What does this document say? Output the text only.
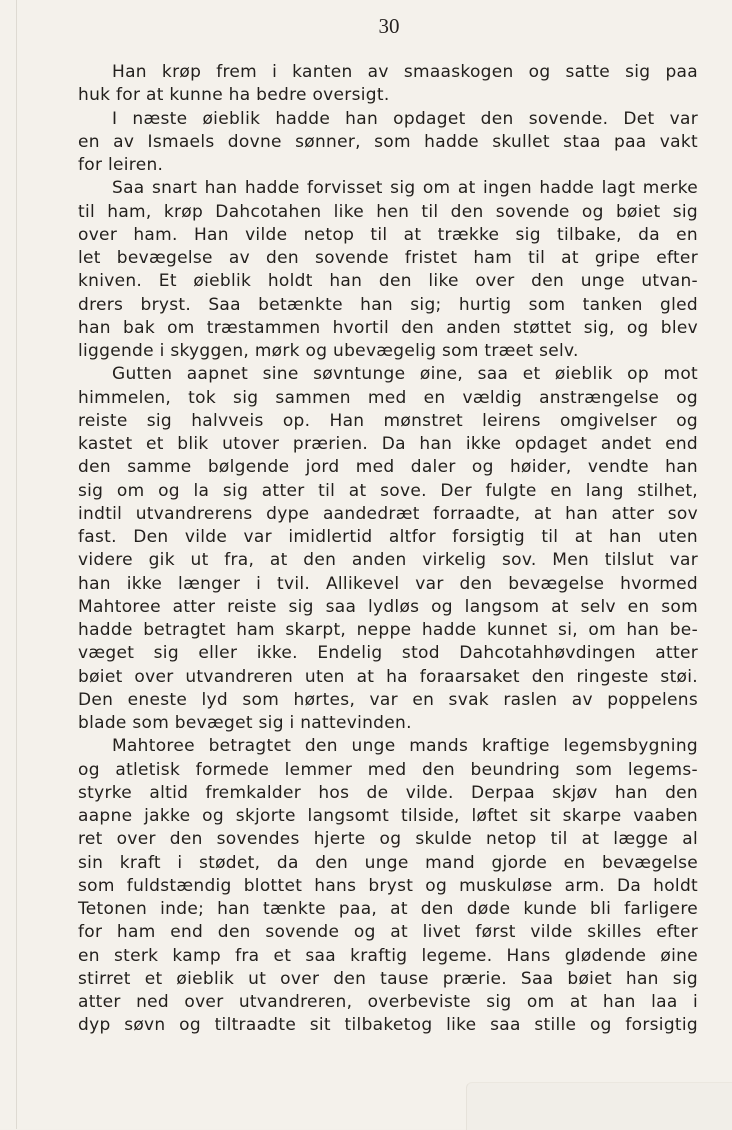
30
Han krøp frem i kanten av smaaskogen og satte sig paa
huk for at kunne ha bedre oversigt.
I næste øieblik hadde han opdaget den sovende. Det var
en av Ismaels dovne sønner, som hadde skullet staa paa vakt
for leiren.
Saa snart han hadde forvisset sig om at ingen hadde lagt merke
til ham, krøp Dahcotahen like hen til den sovende og bøiet sig
over ham. Han vilde netop til at trække sig tilbake, da en
let bevægelse av den sovende fristet ham til at gripe efter
kniven. Et øieblik holdt han den like over den unge utvan-
drers bryst. Saa betænkte han sig; hurtig som tanken gled
han bak om træstammen hvortil den anden støttet sig, og blev
liggende i skyggen, mørk og ubevægelig som træet selv.
Gutten aapnet sine søvntunge øine, saa et øieblik op mot
himmelen, tok sig sammen med en vældig anstrængelse og
reiste sig halvveis op. Han mønstret leirens omgivelser og
kastet et blik utover prærien. Da han ikke opdaget andet end
den samme bølgende jord med daler og høider, vendte han
sig om og la sig atter til at sove. Der fulgte en lang stilhet,
indtil utvandrerens dype aandedræt forraadte, at han atter sov
fast. Den vilde var imidlertid altfor forsigtig til at han uten
videre gik ut fra, at den anden virkelig sov. Men tilslut var
han ikke længer i tvil. Allikevel var den bevægelse hvormed
Mahtoree atter reiste sig saa lydløs og langsom at selv en som
hadde betragtet ham skarpt, neppe hadde kunnet si, om han be-
væget sig eller ikke. Endelig stod Dahcotahhøvdingen atter
bøiet over utvandreren uten at ha foraarsaket den ringeste støi.
Den eneste lyd som hørtes, var en svak raslen av poppelens
blade som bevæget sig i nattevinden.
Mahtoree betragtet den unge mands kraftige legemsbygning
og atletisk formede lemmer med den beundring som legems-
styrke altid fremkalder hos de vilde. Derpaa skjøv han den
aapne jakke og skjorte langsomt tilside, løftet sit skarpe vaaben
ret over den sovendes hjerte og skulde netop til at lægge al
sin kraft i stødet, da den unge mand gjorde en bevægelse
som fuldstændig blottet hans bryst og muskuløse arm. Da holdt
Tetonen inde; han tænkte paa, at den døde kunde bli farligere
for ham end den sovende og at livet først vilde skilles efter
en sterk kamp fra et saa kraftig legeme. Hans glødende øine
stirret et øieblik ut over den tause prærie. Saa bøiet han sig
atter ned over utvandreren, overbeviste sig om at han laa i
dyp søvn og tiltraadte sit tilbaketog like saa stille og forsigtig
